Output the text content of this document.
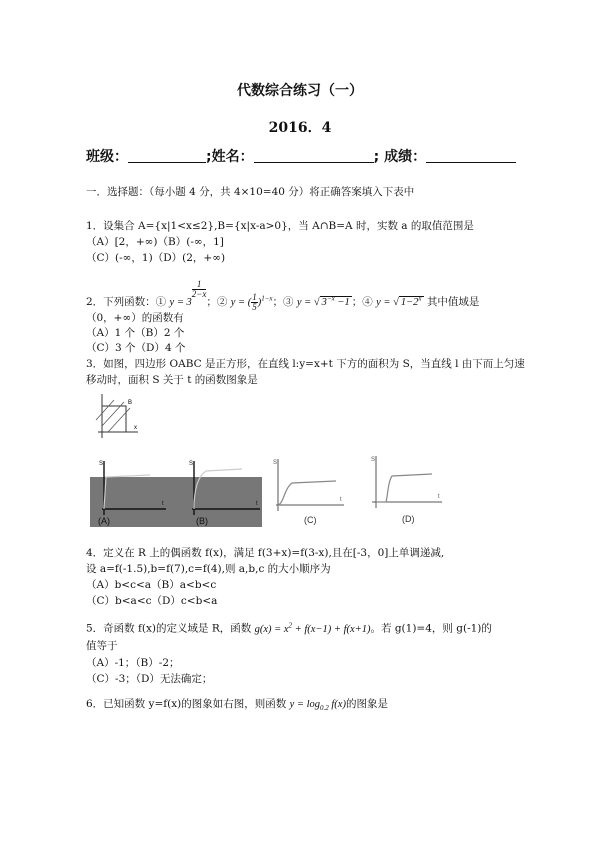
代数综合练习（一）
2016．4
班级：	;姓名：	; 成绩：
一．选择题：（每小题 4 分，共 4×10=40 分）将正确答案填入下表中
1．设集合 A={x|1<x≤2},B={x|x-a>0}，当 A∩B=A 时，实数 a 的取值范围是
（A）[2，+∞)（B）(-∞，1]
（C）(-∞，1)（D）(2，+∞)
2．下列函数：① y = 3
$^{\frac{1}{2-x}}$
；② y = ( $\frac{1}{5} )^{1-x}$；③ y = √ $3^{-x} -1$ ；④ y = √ $1-2^x$ 其中值域是
（0，+∞）的函数有
（A）1 个（B）2 个
（C）3 个（D）4 个
3．如图，四边形 OABC 是正方形，在直线 l:y=x+t 下方的面积为 S，当直线 l 由下而上匀速
移动时，面积 S 关于 t 的函数图象是
B
x
S
t
(A)
S
t
(B)
S
t
(C)
S
t
(D)
4．定义在 R 上的偶函数 f(x)，满足 f(3+x)=f(3-x),且在[-3，0]上单调递减,
设 a=f(-1.5),b=f(7),c=f(4),则 a,b,c 的大小顺序为
（A）b<c<a（B）a<b<c
（C）b<a<c（D）c<b<a
5．奇函数 f(x)的定义域是 R，函数 $g(x) = x^2 + f(x-1) + f(x+1)$。若 g(1)=4，则 g(-1)的
值等于
（A）-1；（B）-2；
（C）-3；（D）无法确定；
6．已知函数 y=f(x)的图象如右图，则函数 $y = \log_{0.2} f(x)$的图象是
